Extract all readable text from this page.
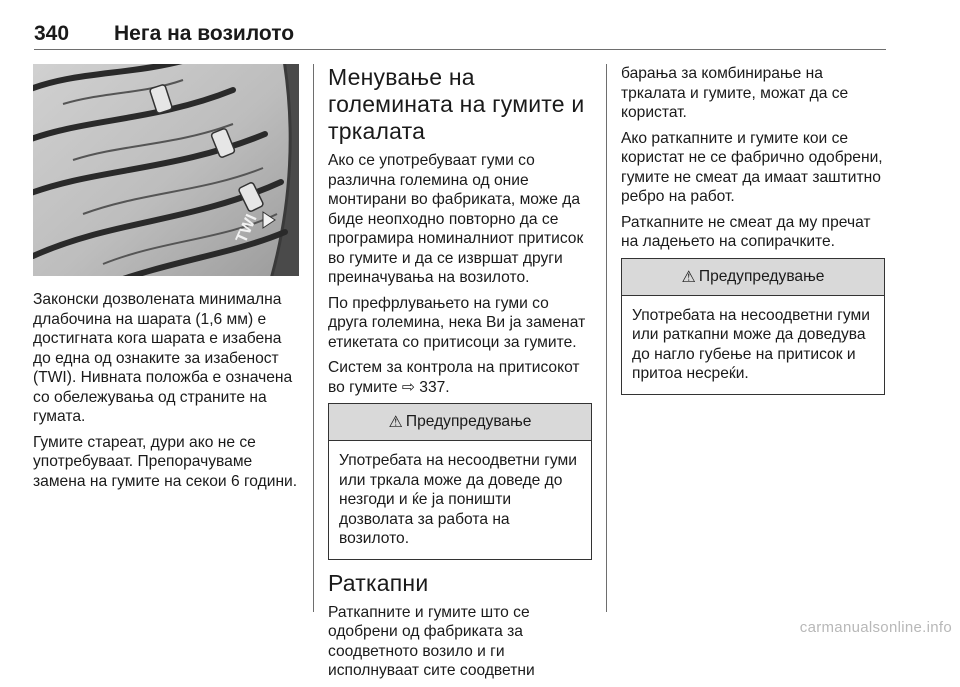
340 Нега на возилото
TWI

Законски дозволената минимална длабочина на шарата (1,6 мм) е достигната кога шарата е изабена до една од ознаките за изабеност (TWI). Нивната положба е означена со обележувања од страните на гумата.

Гумите стареат, дури ако не се употребуваат. Препорачуваме замена на гумите на секои 6 години.

Менување на големината на гумите и тркалата

Ако се употребуваат гуми со различна големина од оние монтирани во фабриката, може да биде неопходно повторно да се програмира номиналниот притисок во гумите и да се извршат други преиначувања на возилото.

По префрлувањето на гуми со друга големина, нека Ви ја заменат етикетата со притисоци за гумите.

Систем за контрола на притисокот во гумите ⇨ 337.

⚠ Предупредување

Употребата на несоодветни гуми или тркала може да доведе до незгоди и ќе ја поништи дозволата за работа на возилото.

Раткапни

Раткапните и гумите што се одобрени од фабриката за соодветното возило и ги исполнуваат сите соодветни

барања за комбинирање на тркалата и гумите, можат да се користат.

Ако раткапните и гумите кои се користат не се фабрично одобрени, гумите не смеат да имаат заштитно ребро на работ.

Раткапните не смеат да му пречат на ладењето на сопирачките.

⚠ Предупредување

Употребата на несоодветни гуми или раткапни може да доведува до нагло губење на притисок и притоа несреќи.

carmanualsonline.info
